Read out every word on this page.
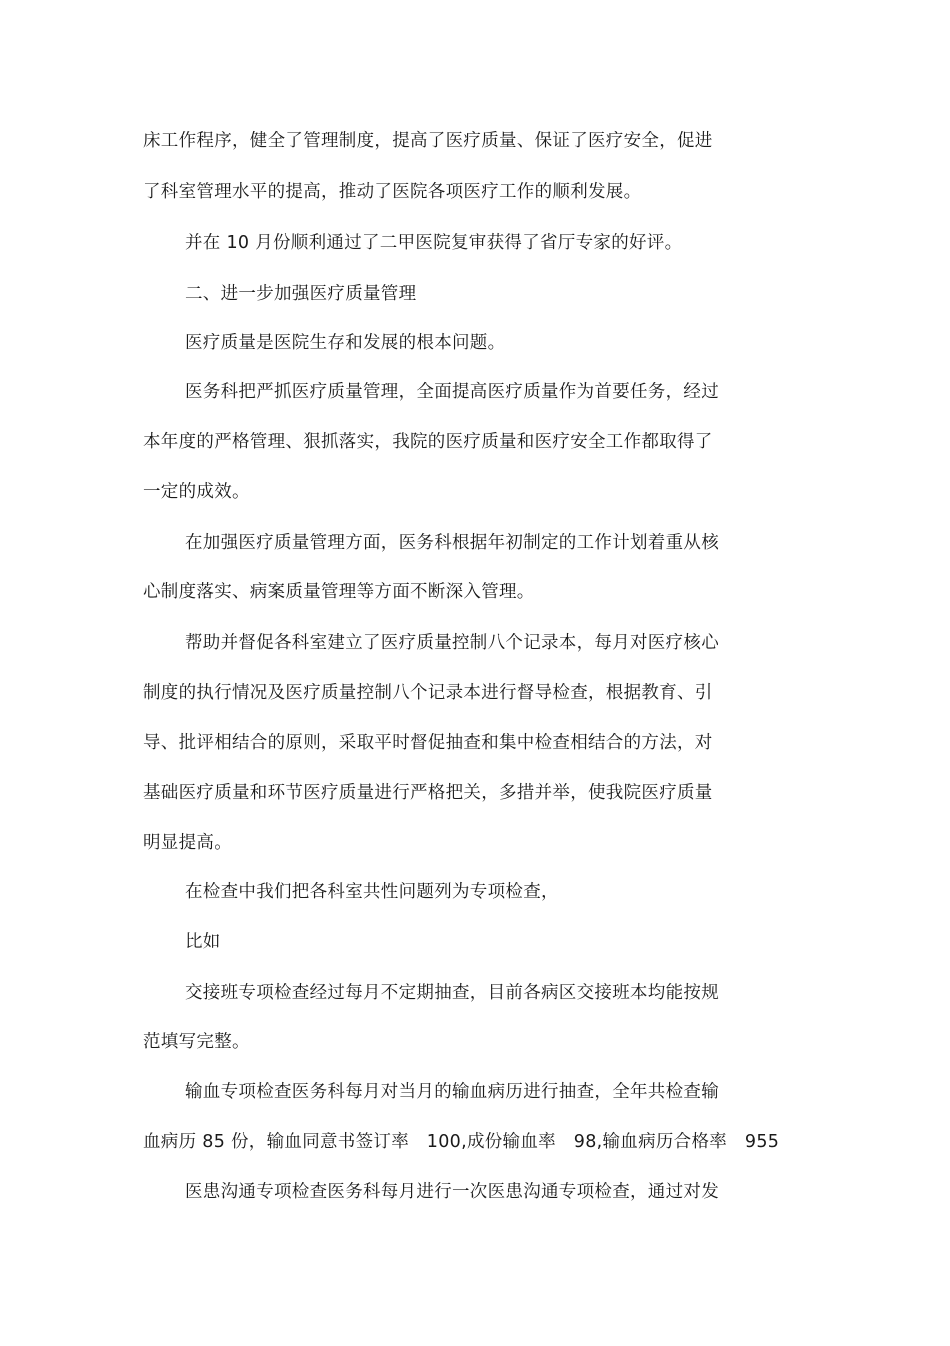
床工作程序，健全了管理制度，提高了医疗质量、保证了医疗安全，促进
了科室管理水平的提高，推动了医院各项医疗工作的顺利发展。
并在 10 月份顺利通过了二甲医院复审获得了省厅专家的好评。
二、进一步加强医疗质量管理
医疗质量是医院生存和发展的根本问题。
医务科把严抓医疗质量管理，全面提高医疗质量作为首要任务，经过
本年度的严格管理、狠抓落实，我院的医疗质量和医疗安全工作都取得了
一定的成效。
在加强医疗质量管理方面，医务科根据年初制定的工作计划着重从核
心制度落实、病案质量管理等方面不断深入管理。
帮助并督促各科室建立了医疗质量控制八个记录本，每月对医疗核心
制度的执行情况及医疗质量控制八个记录本进行督导检查，根据教育、引
导、批评相结合的原则，采取平时督促抽查和集中检查相结合的方法，对
基础医疗质量和环节医疗质量进行严格把关，多措并举，使我院医疗质量
明显提高。
在检查中我们把各科室共性问题列为专项检查，
比如
交接班专项检查经过每月不定期抽查，目前各病区交接班本均能按规
范填写完整。
输血专项检查医务科每月对当月的输血病历进行抽查，全年共检查输
血病历 85 份，输血同意书签订率　100,成份输血率　98,输血病历合格率　955
医患沟通专项检查医务科每月进行一次医患沟通专项检查，通过对发
